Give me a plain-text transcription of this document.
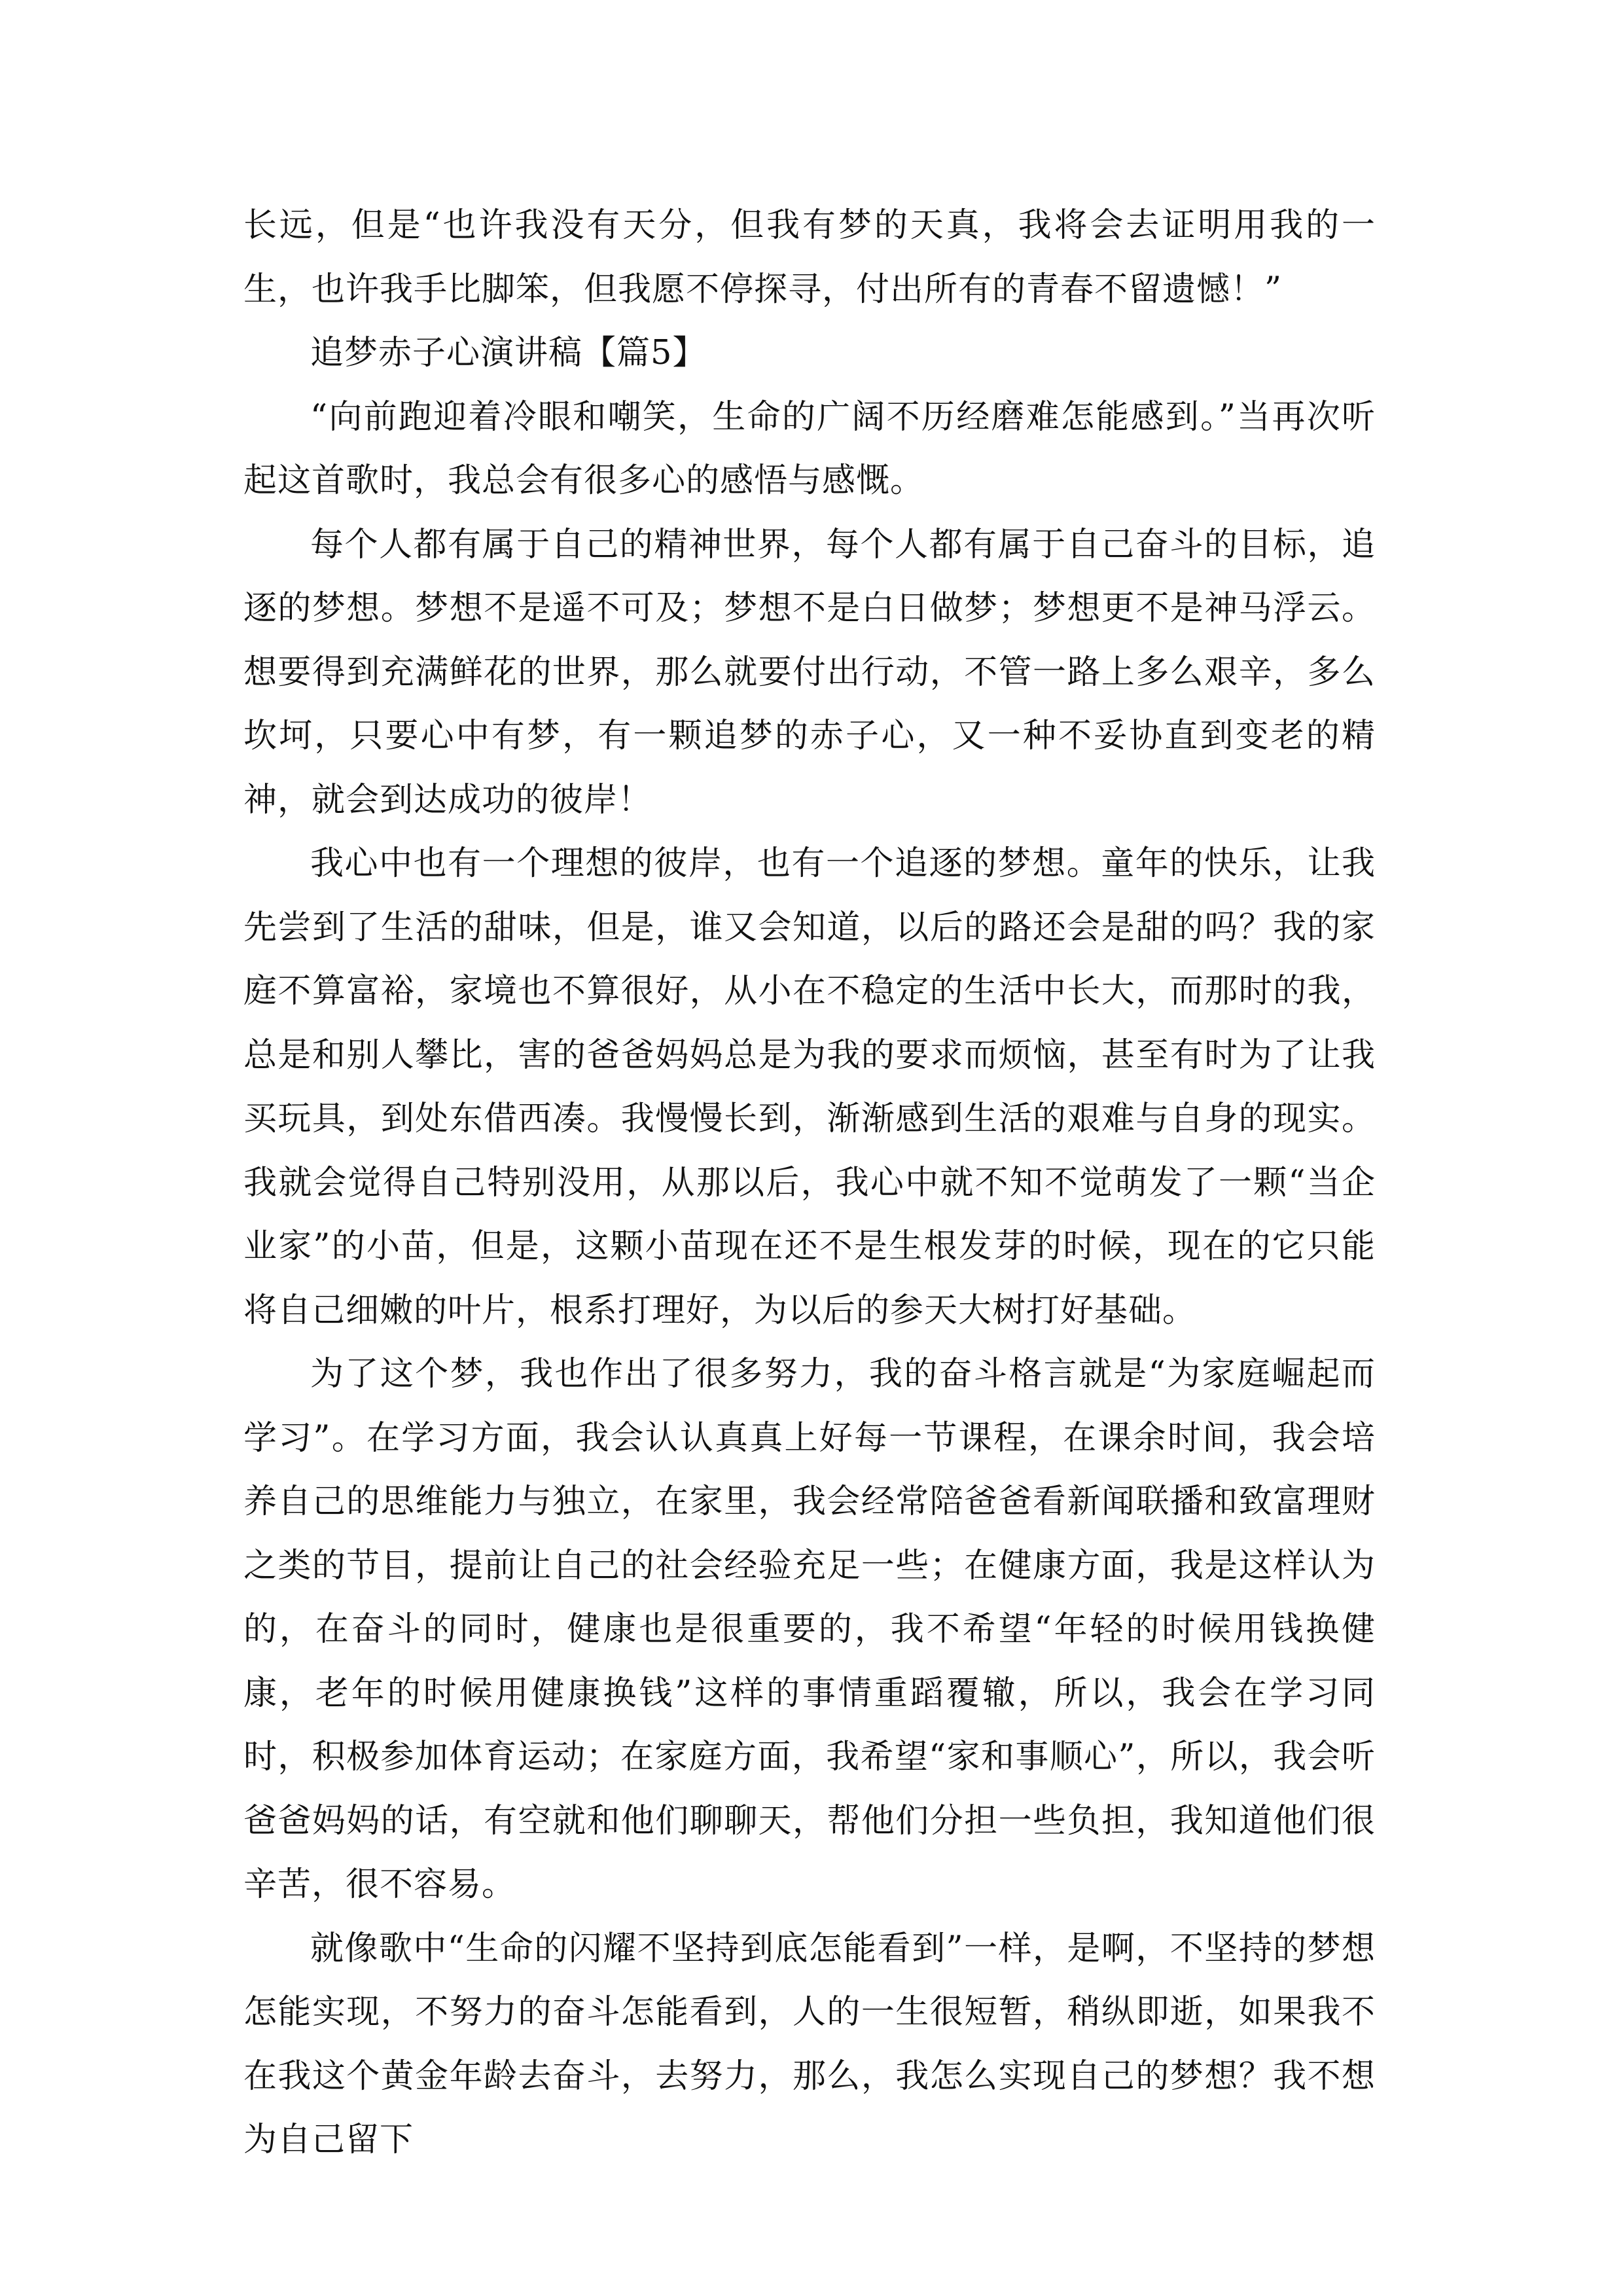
长远，但是“也许我没有天分，但我有梦的天真，我将会去证明用我的一生，也许我手比脚笨，但我愿不停探寻，付出所有的青春不留遗憾！”

追梦赤子心演讲稿【篇5】

“向前跑迎着冷眼和嘲笑，生命的广阔不历经磨难怎能感到。”当再次听起这首歌时，我总会有很多心的感悟与感慨。

每个人都有属于自己的精神世界，每个人都有属于自己奋斗的目标，追逐的梦想。梦想不是遥不可及；梦想不是白日做梦；梦想更不是神马浮云。想要得到充满鲜花的世界，那么就要付出行动，不管一路上多么艰辛，多么坎坷，只要心中有梦，有一颗追梦的赤子心，又一种不妥协直到变老的精神，就会到达成功的彼岸！

我心中也有一个理想的彼岸，也有一个追逐的梦想。童年的快乐，让我先尝到了生活的甜味，但是，谁又会知道，以后的路还会是甜的吗？我的家庭不算富裕，家境也不算很好，从小在不稳定的生活中长大，而那时的我，总是和别人攀比，害的爸爸妈妈总是为我的要求而烦恼，甚至有时为了让我买玩具，到处东借西凑。我慢慢长到，渐渐感到生活的艰难与自身的现实。我就会觉得自己特别没用，从那以后，我心中就不知不觉萌发了一颗“当企业家”的小苗，但是，这颗小苗现在还不是生根发芽的时候，现在的它只能将自己细嫩的叶片，根系打理好，为以后的参天大树打好基础。

为了这个梦，我也作出了很多努力，我的奋斗格言就是“为家庭崛起而学习”。在学习方面，我会认认真真上好每一节课程，在课余时间，我会培养自己的思维能力与独立，在家里，我会经常陪爸爸看新闻联播和致富理财之类的节目，提前让自己的社会经验充足一些；在健康方面，我是这样认为的，在奋斗的同时，健康也是很重要的，我不希望“年轻的时候用钱换健康，老年的时候用健康换钱”这样的事情重蹈覆辙，所以，我会在学习同时，积极参加体育运动；在家庭方面，我希望“家和事顺心”，所以，我会听爸爸妈妈的话，有空就和他们聊聊天，帮他们分担一些负担，我知道他们很辛苦，很不容易。

就像歌中“生命的闪耀不坚持到底怎能看到”一样，是啊，不坚持的梦想怎能实现，不努力的奋斗怎能看到，人的一生很短暂，稍纵即逝，如果我不在我这个黄金年龄去奋斗，去努力，那么，我怎么实现自己的梦想？我不想为自己留下
